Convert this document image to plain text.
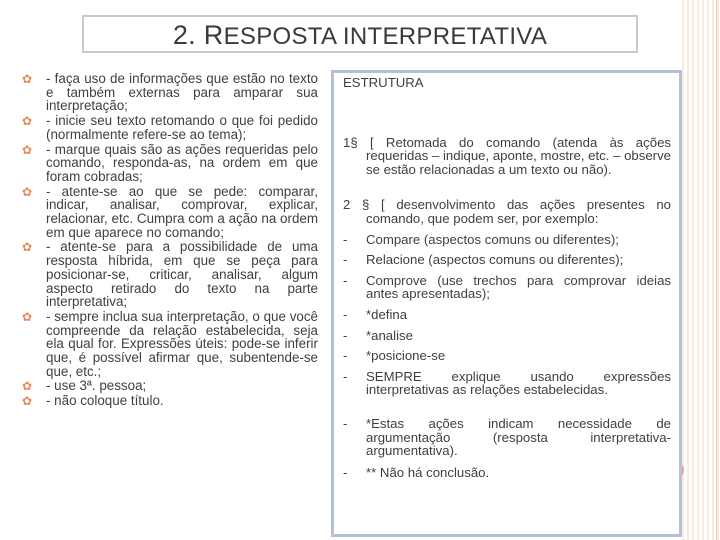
2. RESPOSTA INTERPRETATIVA
✿ - faça uso de informações que estão no texto e também externas para amparar sua interpretação;
✿ - inicie seu texto retomando o que foi pedido (normalmente refere-se ao tema);
✿ - marque quais são as ações requeridas pelo comando, responda-as, na ordem em que foram cobradas;
✿ - atente-se ao que se pede: comparar, indicar, analisar, comprovar, explicar, relacionar, etc. Cumpra com a ação na ordem em que aparece no comando;
✿ - atente-se para a possibilidade de uma resposta híbrida, em que se peça para posicionar-se, criticar, analisar, algum aspecto retirado do texto na parte interpretativa;
✿ - sempre inclua sua interpretação, o que você compreende da relação estabelecida, seja ela qual for. Expressões úteis: pode-se inferir que, é possível afirmar que, subentende-se que, etc.;
✿ - use 3ª. pessoa;
✿ - não coloque título.
ESTRUTURA
1§ [ Retomada do comando (atenda às ações requeridas – indique, aponte, mostre, etc. – observe se estão relacionadas a um texto ou não).
2 § [ desenvolvimento das ações presentes no comando, que podem ser, por exemplo:
- Compare (aspectos comuns ou diferentes);
- Relacione (aspectos comuns ou diferentes);
- Comprove (use trechos para comprovar ideias antes apresentadas);
- *defina
- *analise
- *posicione-se
- SEMPRE explique usando expressões interpretativas as relações estabelecidas.
- *Estas ações indicam necessidade de argumentação (resposta interpretativa-argumentativa).
- ** Não há conclusão.
